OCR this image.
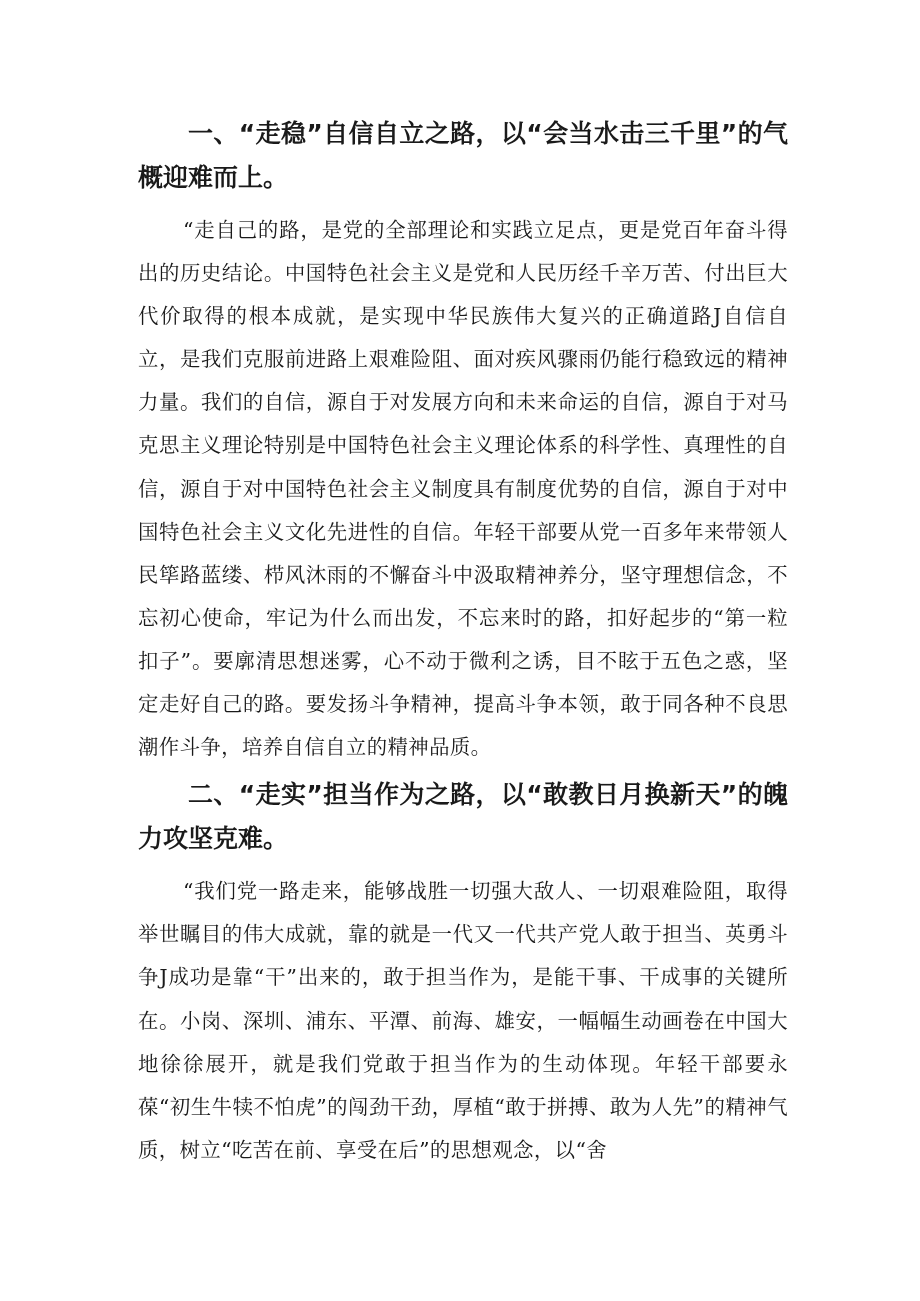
一、“走稳”自信自立之路，以“会当水击三千里”的气概迎难而上。

“走自己的路，是党的全部理论和实践立足点，更是党百年奋斗得出的历史结论。中国特色社会主义是党和人民历经千辛万苦、付出巨大代价取得的根本成就，是实现中华民族伟大复兴的正确道路J自信自立，是我们克服前进路上艰难险阻、面对疾风骤雨仍能行稳致远的精神力量。我们的自信，源自于对发展方向和未来命运的自信，源自于对马克思主义理论特别是中国特色社会主义理论体系的科学性、真理性的自信，源自于对中国特色社会主义制度具有制度优势的自信，源自于对中国特色社会主义文化先进性的自信。年轻干部要从党一百多年来带领人民筚路蓝缕、栉风沐雨的不懈奋斗中汲取精神养分，坚守理想信念，不忘初心使命，牢记为什么而出发，不忘来时的路，扣好起步的“第一粒扣子”。要廓清思想迷雾，心不动于微利之诱，目不眩于五色之惑，坚定走好自己的路。要发扬斗争精神，提高斗争本领，敢于同各种不良思潮作斗争，培养自信自立的精神品质。

二、“走实”担当作为之路，以“敢教日月换新天”的魄力攻坚克难。

“我们党一路走来，能够战胜一切强大敌人、一切艰难险阻，取得举世瞩目的伟大成就，靠的就是一代又一代共产党人敢于担当、英勇斗争J成功是靠“干”出来的，敢于担当作为，是能干事、干成事的关键所在。小岗、深圳、浦东、平潭、前海、雄安，一幅幅生动画卷在中国大地徐徐展开，就是我们党敢于担当作为的生动体现。年轻干部要永葆“初生牛犊不怕虎”的闯劲干劲，厚植“敢于拼搏、敢为人先”的精神气质，树立“吃苦在前、享受在后”的思想观念，以“舍
